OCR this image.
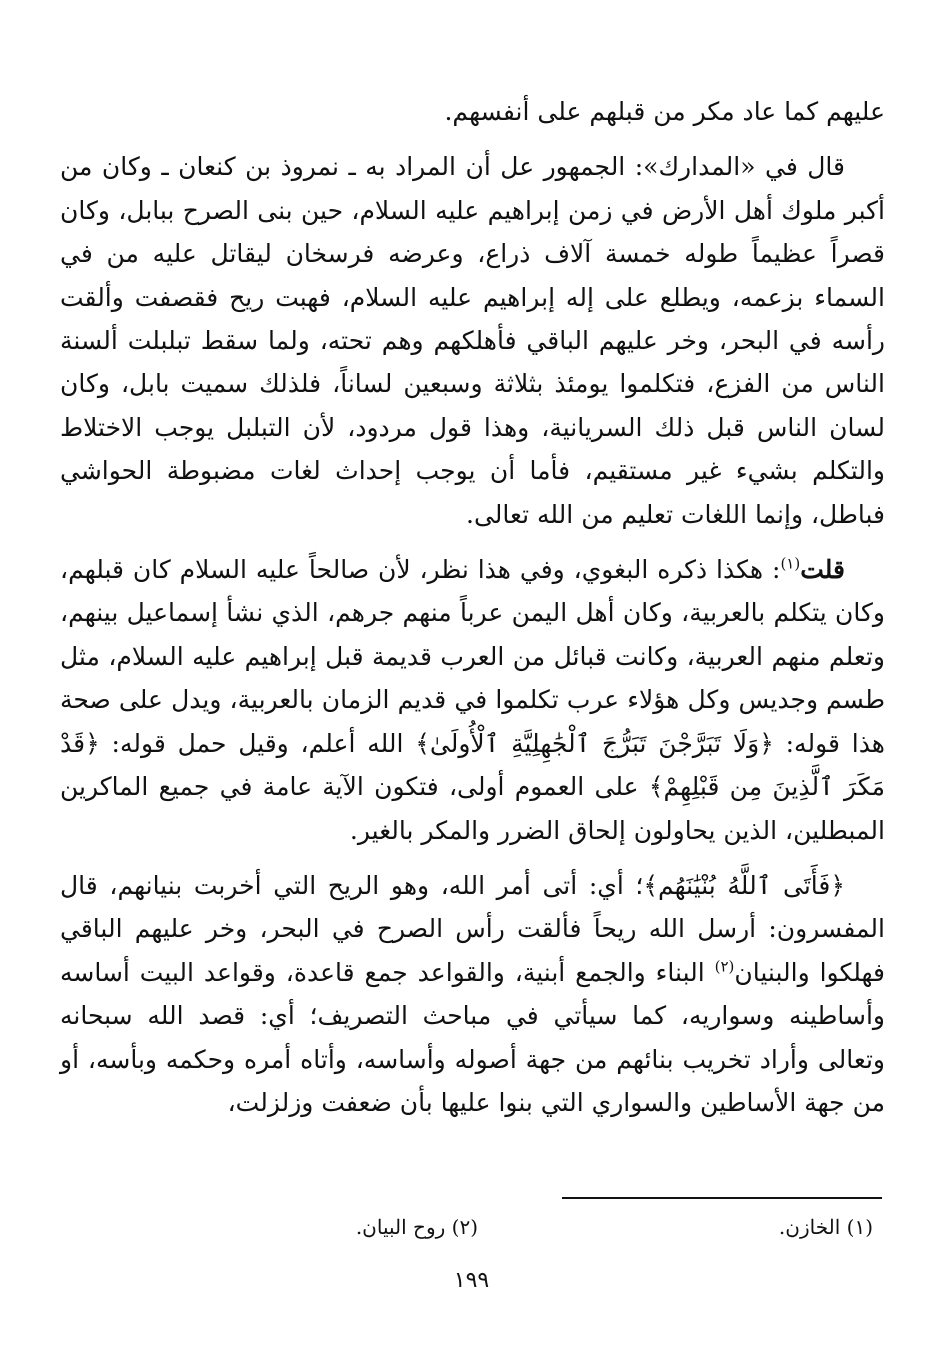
عليهم كما عاد مكر من قبلهم على أنفسهم.

قال في «المدارك»: الجمهور عل أن المراد به ـ نمروذ بن كنعان ـ وكان من أكبر ملوك أهل الأرض في زمن إبراهيم عليه السلام، حين بنى الصرح ببابل، وكان قصراً عظيماً طوله خمسة آلاف ذراع، وعرضه فرسخان ليقاتل عليه من في السماء بزعمه، ويطلع على إله إبراهيم عليه السلام، فهبت ريح فقصفت وألقت رأسه في البحر، وخر عليهم الباقي فأهلكهم وهم تحته، ولما سقط تبلبلت ألسنة الناس من الفزع، فتكلموا يومئذ بثلاثة وسبعين لساناً، فلذلك سميت بابل، وكان لسان الناس قبل ذلك السريانية، وهذا قول مردود، لأن التبلبل يوجب الاختلاط والتكلم بشيء غير مستقيم، فأما أن يوجب إحداث لغات مضبوطة الحواشي فباطل، وإنما اللغات تعليم من الله تعالى.

قلت$^{(١)}$: هكذا ذكره البغوي، وفي هذا نظر، لأن صالحاً عليه السلام كان قبلهم، وكان يتكلم بالعربية، وكان أهل اليمن عرباً منهم جرهم، الذي نشأ إسماعيل بينهم، وتعلم منهم العربية، وكانت قبائل من العرب قديمة قبل إبراهيم عليه السلام، مثل طسم وجديس وكل هؤلاء عرب تكلموا في قديم الزمان بالعربية، ويدل على صحة هذا قوله: ﴿وَلَا تَبَرَّجْنَ تَبَرُّجَ ٱلْجَٰهِلِيَّةِ ٱلْأُولَىٰ﴾ الله أعلم، وقيل حمل قوله: ﴿قَدْ مَكَرَ ٱلَّذِينَ مِن قَبْلِهِمْ﴾ على العموم أولى، فتكون الآية عامة في جميع الماكرين المبطلين، الذين يحاولون إلحاق الضرر والمكر بالغير.

﴿فَأَتَى ٱللَّهُ بُنْيَٰنَهُم﴾؛ أي: أتى أمر الله، وهو الريح التي أخربت بنيانهم، قال المفسرون: أرسل الله ريحاً فألقت رأس الصرح في البحر، وخر عليهم الباقي فهلكوا والبنيان$^{(٢)}$ البناء والجمع أبنية، والقواعد جمع قاعدة، وقواعد البيت أساسه وأساطينه وسواريه، كما سيأتي في مباحث التصريف؛ أي: قصد الله سبحانه وتعالى وأراد تخريب بنائهم من جهة أصوله وأساسه، وأتاه أمره وحكمه وبأسه، أو من جهة الأساطين والسواري التي بنوا عليها بأن ضعفت وزلزلت،

(١) الخازن.
(٢) روح البيان.
١٩٩
